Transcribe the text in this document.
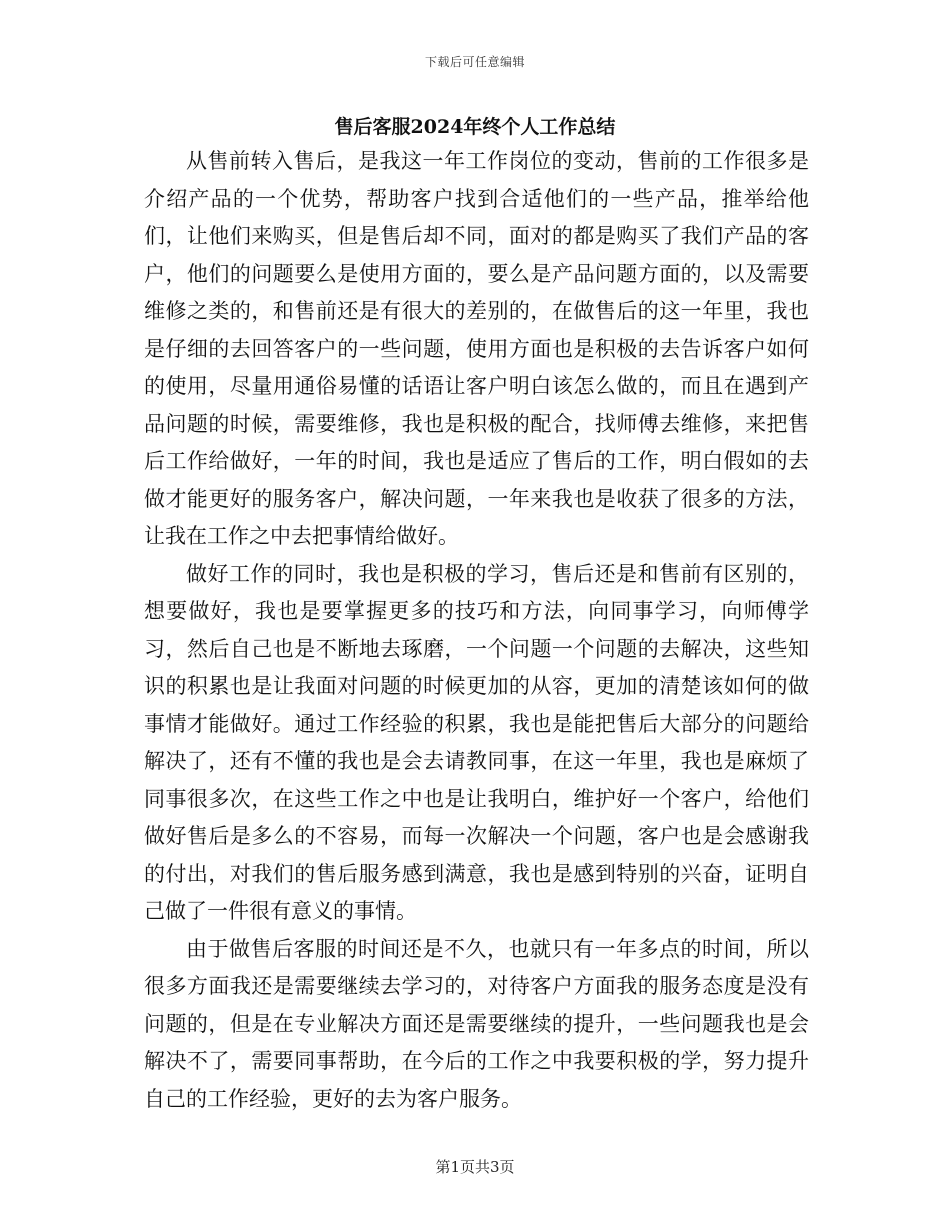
下载后可任意编辑
售后客服2024年终个人工作总结

从售前转入售后，是我这一年工作岗位的变动，售前的工作很多是介绍产品的一个优势，帮助客户找到合适他们的一些产品，推举给他们，让他们来购买，但是售后却不同，面对的都是购买了我们产品的客户，他们的问题要么是使用方面的，要么是产品问题方面的，以及需要维修之类的，和售前还是有很大的差别的，在做售后的这一年里，我也是仔细的去回答客户的一些问题，使用方面也是积极的去告诉客户如何的使用，尽量用通俗易懂的话语让客户明白该怎么做的，而且在遇到产品问题的时候，需要维修，我也是积极的配合，找师傅去维修，来把售后工作给做好，一年的时间，我也是适应了售后的工作，明白假如的去做才能更好的服务客户，解决问题，一年来我也是收获了很多的方法，让我在工作之中去把事情给做好。

做好工作的同时，我也是积极的学习，售后还是和售前有区别的，想要做好，我也是要掌握更多的技巧和方法，向同事学习，向师傅学习，然后自己也是不断地去琢磨，一个问题一个问题的去解决，这些知识的积累也是让我面对问题的时候更加的从容，更加的清楚该如何的做事情才能做好。通过工作经验的积累，我也是能把售后大部分的问题给解决了，还有不懂的我也是会去请教同事，在这一年里，我也是麻烦了同事很多次，在这些工作之中也是让我明白，维护好一个客户，给他们做好售后是多么的不容易，而每一次解决一个问题，客户也是会感谢我的付出，对我们的售后服务感到满意，我也是感到特别的兴奋，证明自己做了一件很有意义的事情。

由于做售后客服的时间还是不久，也就只有一年多点的时间，所以很多方面我还是需要继续去学习的，对待客户方面我的服务态度是没有问题的，但是在专业解决方面还是需要继续的提升，一些问题我也是会解决不了，需要同事帮助，在今后的工作之中我要积极的学，努力提升自己的工作经验，更好的去为客户服务。

第1页共3页
